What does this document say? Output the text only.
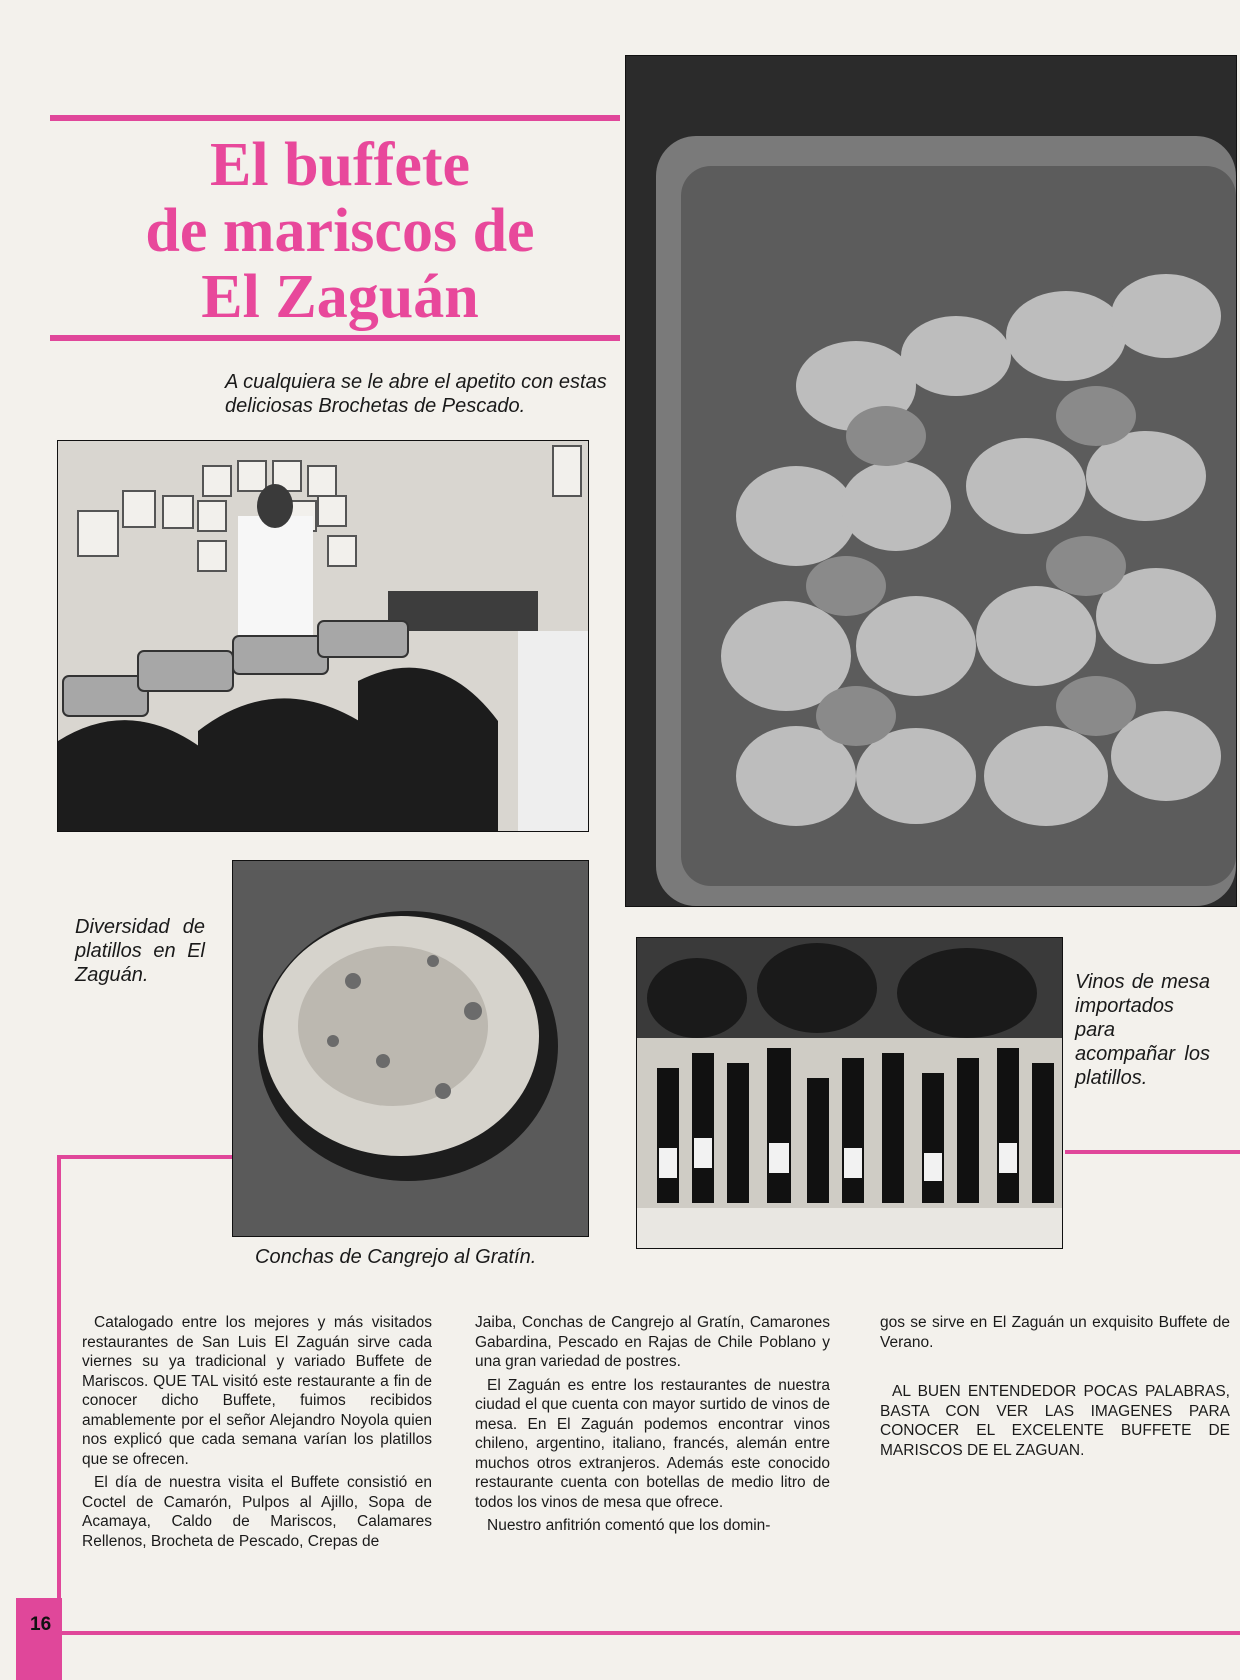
El buffete
de mariscos de
El Zaguán
A cualquiera se le abre el apetito con estas deliciosas Brochetas de Pescado.
Diversidad de platillos en El Zaguán.
Conchas de Cangrejo al Gratín.
Vinos de mesa importados para acompañar los platillos.

Catalogado entre los mejores y más visitados restaurantes de San Luis El Zaguán sirve cada viernes su ya tradicional y variado Buffete de Mariscos. QUE TAL visitó este restaurante a fin de conocer dicho Buffete, fuimos recibidos amablemente por el señor Alejandro Noyola quien nos explicó que cada semana varían los platillos que se ofrecen.

El día de nuestra visita el Buffete consistió en Coctel de Camarón, Pulpos al Ajillo, Sopa de Acamaya, Caldo de Mariscos, Calamares Rellenos, Brocheta de Pescado, Crepas de

Jaiba, Conchas de Cangrejo al Gratín, Camarones Gabardina, Pescado en Rajas de Chile Poblano y una gran variedad de postres.

El Zaguán es entre los restaurantes de nuestra ciudad el que cuenta con mayor surtido de vinos de mesa. En El Zaguán podemos encontrar vinos chileno, argentino, italiano, francés, alemán entre muchos otros extranjeros. Además este conocido restaurante cuenta con botellas de medio litro de todos los vinos de mesa que ofrece.

Nuestro anfitrión comentó que los domin-

gos se sirve en El Zaguán un exquisito Buffete de Verano.

AL BUEN ENTENDEDOR POCAS PALABRAS, BASTA CON VER LAS IMAGENES PARA CONOCER EL EXCELENTE BUFFETE DE MARISCOS DE EL ZAGUAN.

16
